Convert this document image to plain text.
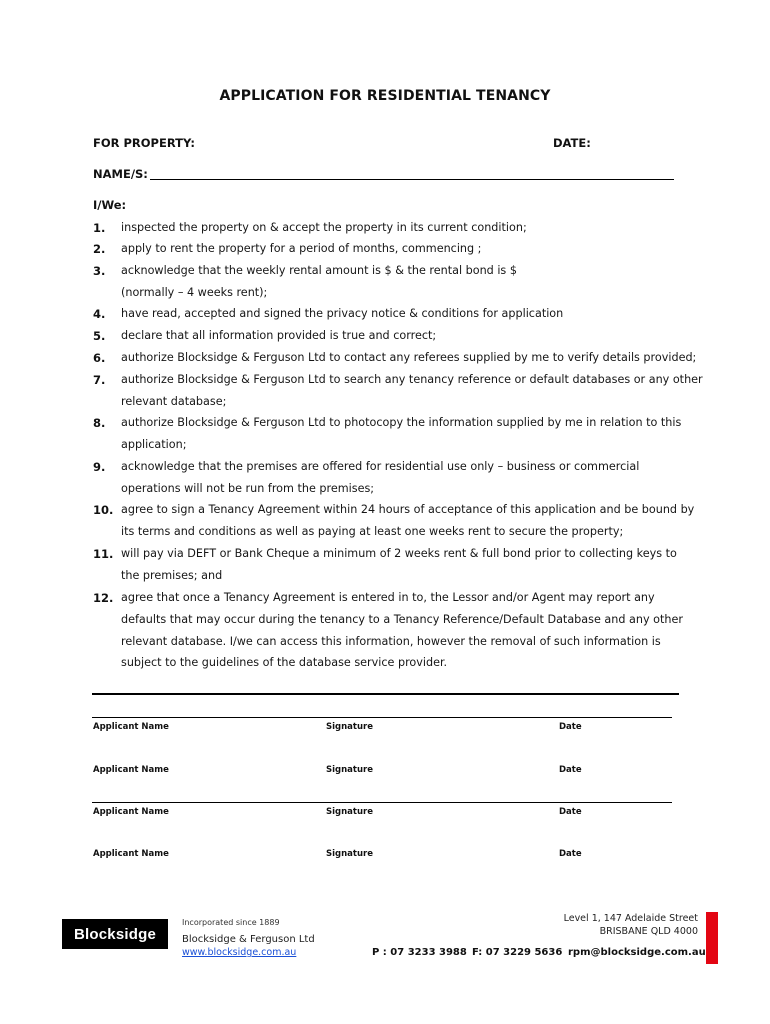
APPLICATION FOR RESIDENTIAL TENANCY
FOR PROPERTY:	DATE:
NAME/S:
I/We:
1. inspected the property on & accept the property in its current condition;
2. apply to rent the property for a period of months, commencing ;
3. acknowledge that the weekly rental amount is $ & the rental bond is $
(normally – 4 weeks rent);
4. have read, accepted and signed the privacy notice & conditions for application
5. declare that all information provided is true and correct;
6. authorize Blocksidge & Ferguson Ltd to contact any referees supplied by me to verify details provided;
7. authorize Blocksidge & Ferguson Ltd to search any tenancy reference or default databases or any other
relevant database;
8. authorize Blocksidge & Ferguson Ltd to photocopy the information supplied by me in relation to this
application;
9. acknowledge that the premises are offered for residential use only – business or commercial
operations will not be run from the premises;
10. agree to sign a Tenancy Agreement within 24 hours of acceptance of this application and be bound by
its terms and conditions as well as paying at least one weeks rent to secure the property;
11. will pay via DEFT or Bank Cheque a minimum of 2 weeks rent & full bond prior to collecting keys to
the premises; and
12. agree that once a Tenancy Agreement is entered in to, the Lessor and/or Agent may report any
defaults that may occur during the tenancy to a Tenancy Reference/Default Database and any other
relevant database. I/we can access this information, however the removal of such information is
subject to the guidelines of the database service provider.
Applicant Name	Signature	Date
Applicant Name	Signature	Date
Applicant Name	Signature	Date
Applicant Name	Signature	Date
Blocksidge
Incorporated since 1889
Blocksidge & Ferguson Ltd
www.blocksidge.com.au
Level 1, 147 Adelaide Street
BRISBANE QLD 4000
P : 07 3233 3988 F: 07 3229 5636 rpm@blocksidge.com.au
